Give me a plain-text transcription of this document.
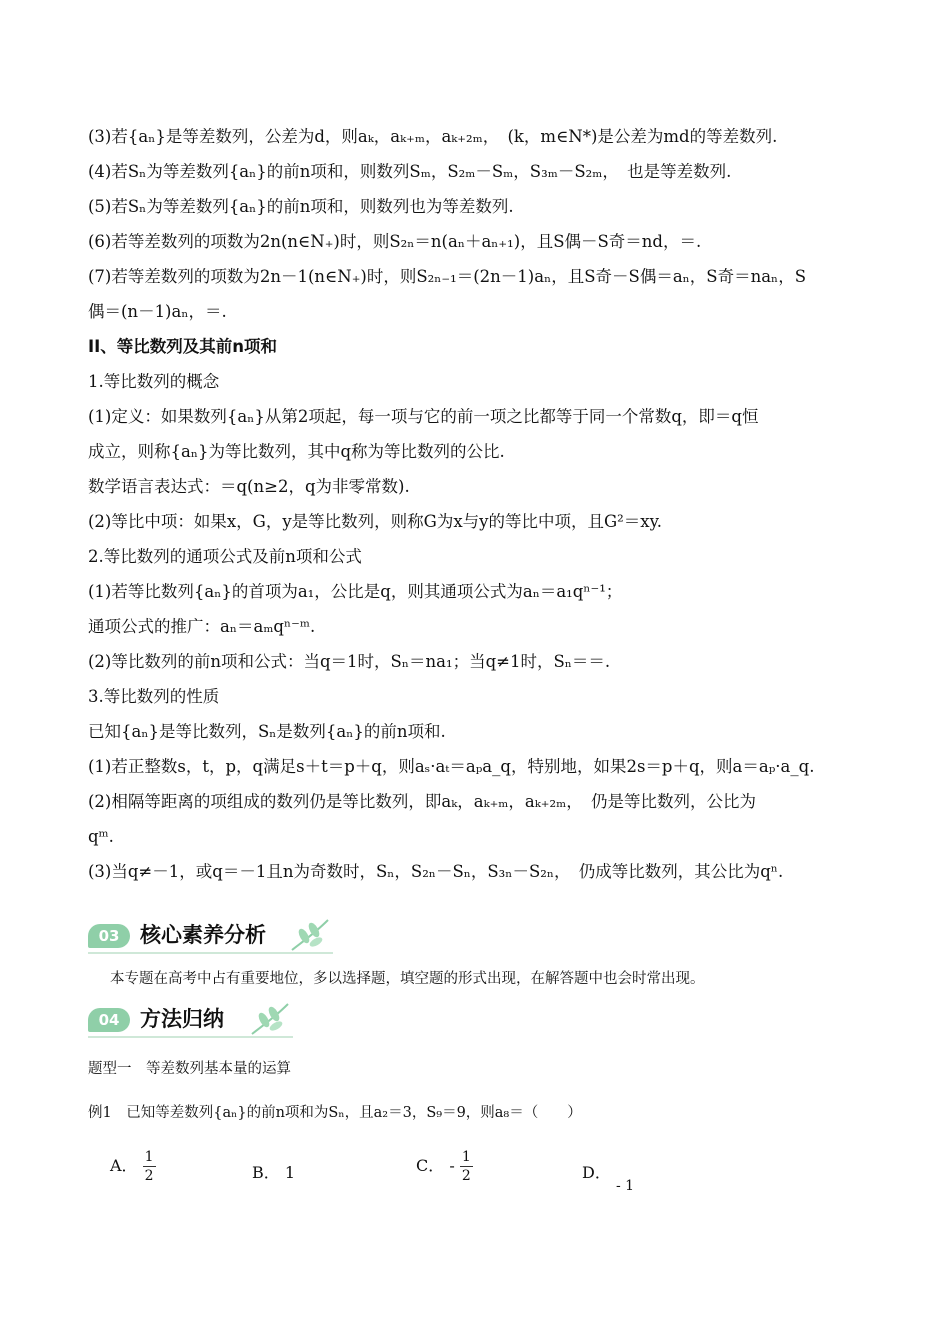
(3)若{aₙ}是等差数列，公差为d，则aₖ，aₖ₊ₘ，aₖ₊₂ₘ，　(k，m∈N*)是公差为md的等差数列.
(4)若Sₙ为等差数列{aₙ}的前n项和，则数列Sₘ，S₂ₘ－Sₘ，S₃ₘ－S₂ₘ，　也是等差数列.
(5)若Sₙ为等差数列{aₙ}的前n项和，则数列也为等差数列.
(6)若等差数列的项数为2n(n∈N₊)时，则S₂ₙ＝n(aₙ＋aₙ₊₁)，且S偶－S奇＝nd，＝.
(7)若等差数列的项数为2n－1(n∈N₊)时，则S₂ₙ₋₁＝(2n－1)aₙ，且S奇－S偶＝aₙ，S奇＝naₙ，S
偶＝(n－1)aₙ，＝.
II、等比数列及其前n项和
1.等比数列的概念
(1)定义：如果数列{aₙ}从第2项起，每一项与它的前一项之比都等于同一个常数q，即＝q恒
成立，则称{aₙ}为等比数列，其中q称为等比数列的公比.
数学语言表达式：＝q(n≥2，q为非零常数).
(2)等比中项：如果x，G，y是等比数列，则称G为x与y的等比中项，且G²＝xy.
2.等比数列的通项公式及前n项和公式
(1)若等比数列{aₙ}的首项为a₁，公比是q，则其通项公式为aₙ＝a₁qⁿ⁻¹；
通项公式的推广：aₙ＝aₘqⁿ⁻ᵐ.
(2)等比数列的前n项和公式：当q＝1时，Sₙ＝na₁；当q≠1时，Sₙ＝＝.
3.等比数列的性质
已知{aₙ}是等比数列，Sₙ是数列{aₙ}的前n项和.
(1)若正整数s，t，p，q满足s＋t＝p＋q，则aₛ·aₜ＝aₚa_q，特别地，如果2s＝p＋q，则a＝aₚ·a_q.
(2)相隔等距离的项组成的数列仍是等比数列，即aₖ，aₖ₊ₘ，aₖ₊₂ₘ，　仍是等比数列，公比为
qᵐ.
(3)当q≠－1，或q＝－1且n为奇数时，Sₙ，S₂ₙ－Sₙ，S₃ₙ－S₂ₙ，　仍成等比数列，其公比为qⁿ.
03 核心素养分析
本专题在高考中占有重要地位，多以选择题，填空题的形式出现，在解答题中也会时常出现。
04 方法归纳
题型一　等差数列基本量的运算
例1　已知等差数列{aₙ}的前n项和为Sₙ，且a₂＝3，S₉＝9，则a₈＝（　　）
A． $\frac{1}{2}$	B． 1	C． - $\frac{1}{2}$	D． - 1
